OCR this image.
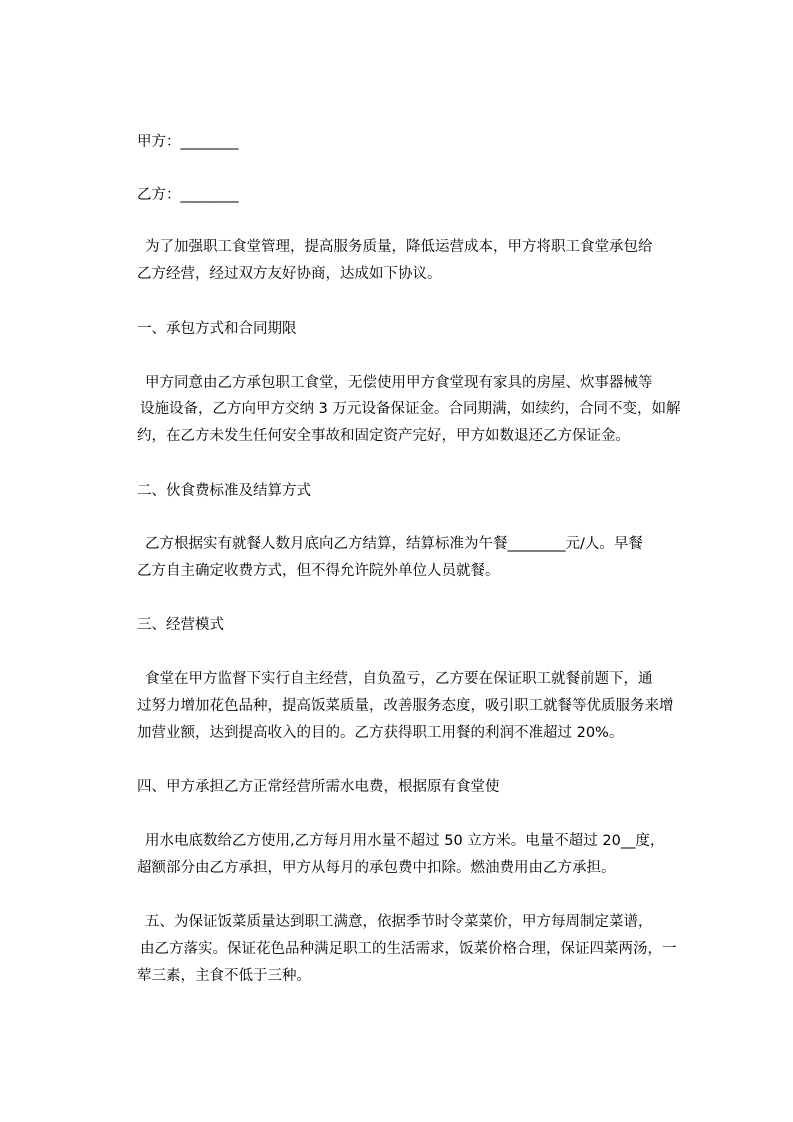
甲方：________
乙方：________
为了加强职工食堂管理，提高服务质量，降低运营成本，甲方将职工食堂承包给
乙方经营，经过双方友好协商，达成如下协议。
一、承包方式和合同期限
甲方同意由乙方承包职工食堂，无偿使用甲方食堂现有家具的房屋、炊事器械等
设施设备，乙方向甲方交纳 3 万元设备保证金。合同期满，如续约，合同不变，如解
约，在乙方未发生任何安全事故和固定资产完好，甲方如数退还乙方保证金。
二、伙食费标准及结算方式
乙方根据实有就餐人数月底向乙方结算，结算标准为午餐________元/人。早餐
乙方自主确定收费方式，但不得允许院外单位人员就餐。
三、经营模式
食堂在甲方监督下实行自主经营，自负盈亏，乙方要在保证职工就餐前题下，通
过努力增加花色品种，提高饭菜质量，改善服务态度，吸引职工就餐等优质服务来增
加营业额，达到提高收入的目的。乙方获得职工用餐的利润不准超过 20%。
四、甲方承担乙方正常经营所需水电费，根据原有食堂使
用水电底数给乙方使用,乙方每月用水量不超过 50 立方米。电量不超过 20__度，
超额部分由乙方承担，甲方从每月的承包费中扣除。燃油费用由乙方承担。
五、为保证饭菜质量达到职工满意，依据季节时令菜菜价，甲方每周制定菜谱，
由乙方落实。保证花色品种满足职工的生活需求，饭菜价格合理，保证四菜两汤，一
荤三素，主食不低于三种。
